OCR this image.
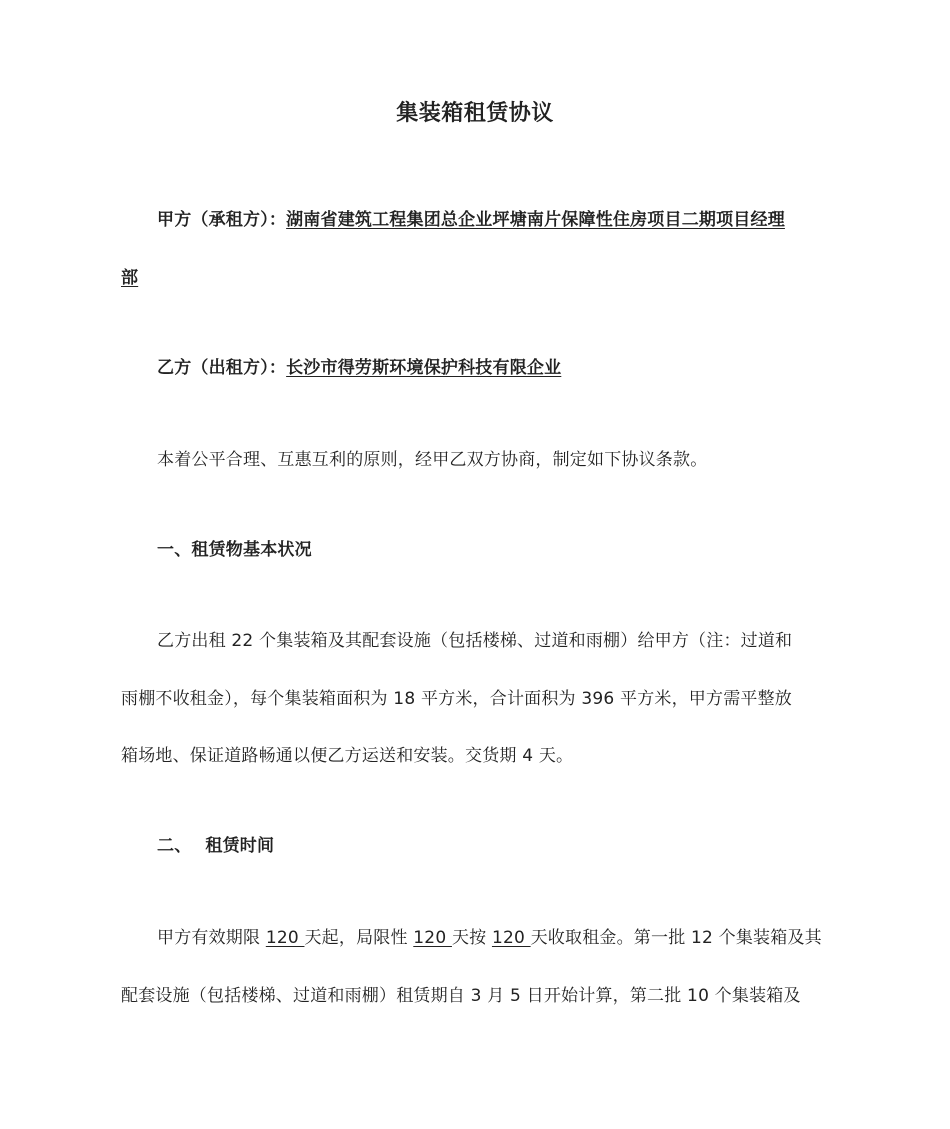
集装箱租赁协议
甲方（承租方）：湖南省建筑工程集团总企业坪塘南片保障性住房项目二期项目经理
部
乙方（出租方）：长沙市得劳斯环境保护科技有限企业
本着公平合理、互惠互利的原则，经甲乙双方协商，制定如下协议条款。
一、租赁物基本状况
乙方出租 22 个集装箱及其配套设施（包括楼梯、过道和雨棚）给甲方（注：过道和
雨棚不收租金），每个集装箱面积为 18 平方米，合计面积为 396 平方米，甲方需平整放
箱场地、保证道路畅通以便乙方运送和安装。交货期 4 天。
二、 租赁时间
甲方有效期限 120 天起，局限性 120 天按 120 天收取租金。第一批 12 个集装箱及其
配套设施（包括楼梯、过道和雨棚）租赁期自 3 月 5 日开始计算，第二批 10 个集装箱及
